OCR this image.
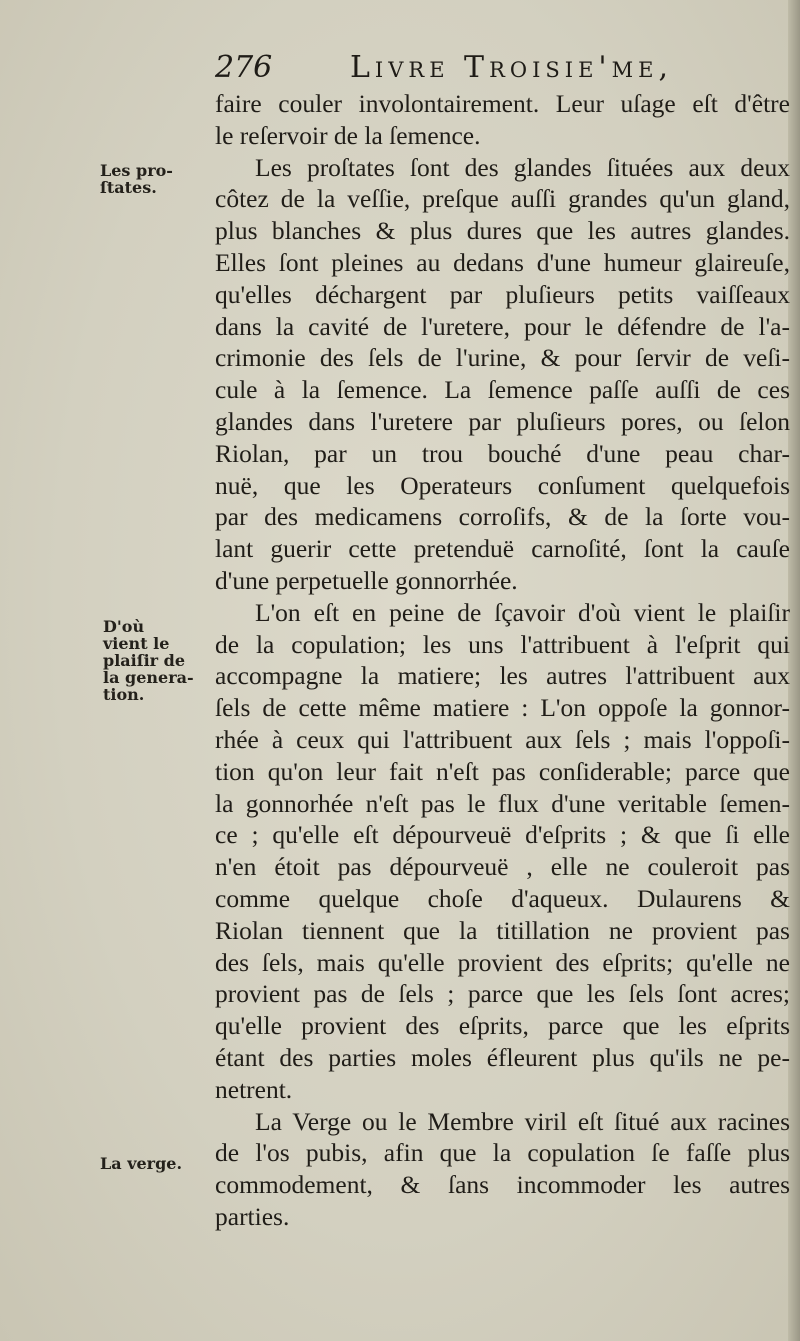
276	Livre Troisie'me,
Les pro-
ſtates.
D'où
vient le
plaiſir de
la genera-
tion.
La verge.
faire couler involontairement. Leur uſage eſt d'être
le reſervoir de la ſemence.
Les proſtates ſont des glandes ſituées aux deux
côtez de la veſſie, preſque auſſi grandes qu'un gland,
plus blanches & plus dures que les autres glandes.
Elles ſont pleines au dedans d'une humeur glaireuſe,
qu'elles déchargent par pluſieurs petits vaiſſeaux
dans la cavité de l'uretere, pour le défendre de l'a-
crimonie des ſels de l'urine, & pour ſervir de veſi-
cule à la ſemence. La ſemence paſſe auſſi de ces
glandes dans l'uretere par pluſieurs pores, ou ſelon
Riolan, par un trou bouché d'une peau char-
nuë, que les Operateurs conſument quelquefois
par des medicamens corroſifs, & de la ſorte vou-
lant guerir cette pretenduë carnoſité, ſont la cauſe
d'une perpetuelle gonnorrhée.
L'on eſt en peine de ſçavoir d'où vient le plaiſir
de la copulation; les uns l'attribuent à l'eſprit qui
accompagne la matiere; les autres l'attribuent aux
ſels de cette même matiere : L'on oppoſe la gonnor-
rhée à ceux qui l'attribuent aux ſels ; mais l'oppoſi-
tion qu'on leur fait n'eſt pas conſiderable; parce que
la gonnorhée n'eſt pas le flux d'une veritable ſemen-
ce ; qu'elle eſt dépourveuë d'eſprits ; & que ſi elle
n'en étoit pas dépourveuë , elle ne couleroit pas
comme quelque choſe d'aqueux. Dulaurens &
Riolan tiennent que la titillation ne provient pas
des ſels, mais qu'elle provient des eſprits; qu'elle ne
provient pas de ſels ; parce que les ſels ſont acres;
qu'elle provient des eſprits, parce que les eſprits
étant des parties moles éfleurent plus qu'ils ne pe-
netrent.
La Verge ou le Membre viril eſt ſitué aux racines
de l'os pubis, afin que la copulation ſe faſſe plus
commodement, & ſans incommoder les autres
parties.
